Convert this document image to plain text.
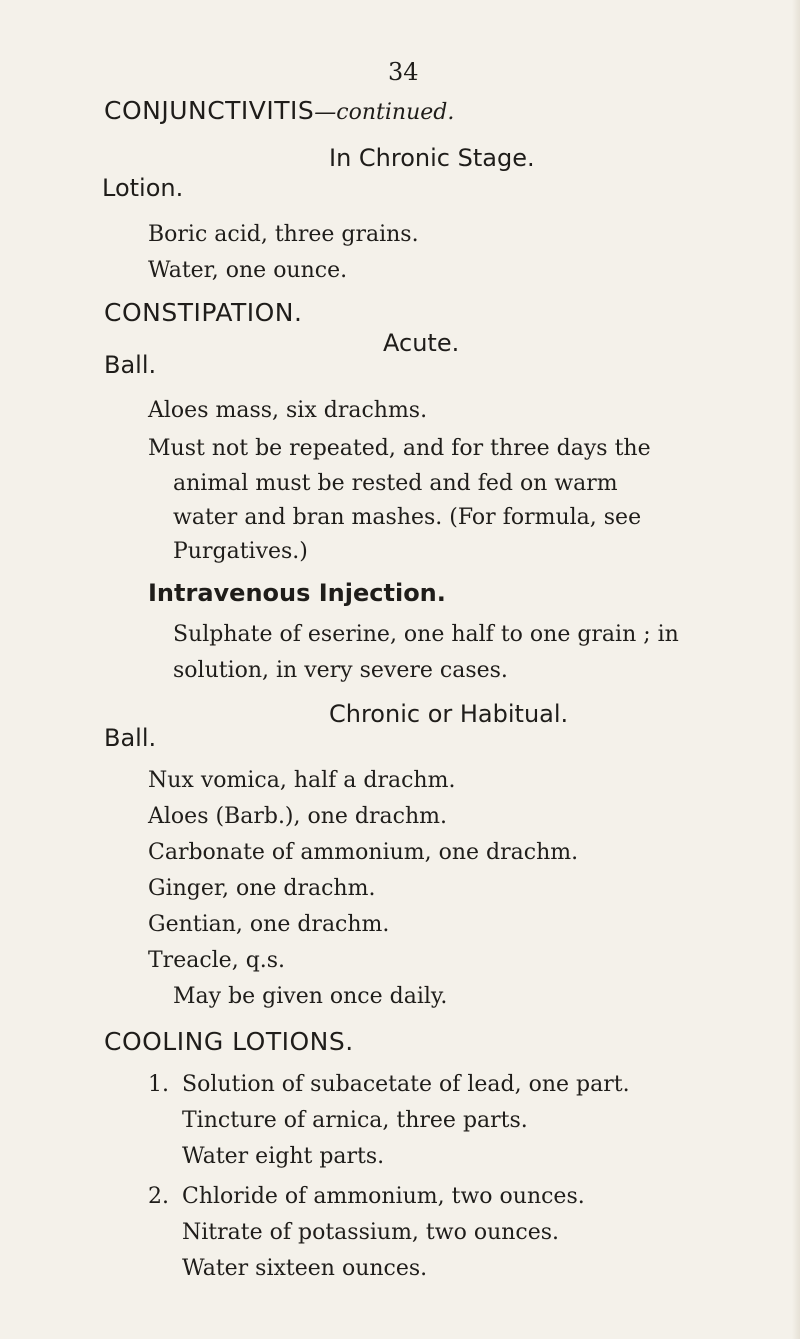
34
CONJUNCTIVITIS—continued.
In Chronic Stage.
Lotion.
Boric acid, three grains.
Water, one ounce.
CONSTIPATION.
Acute.
Ball.
Aloes mass, six drachms.
Must not be repeated, and for three days the
animal must be rested and fed on warm
water and bran mashes. (For formula, see
Purgatives.)
Intravenous Injection.
Sulphate of eserine, one half to one grain ; in
solution, in very severe cases.
Chronic or Habitual.
Ball.
Nux vomica, half a drachm.
Aloes (Barb.), one drachm.
Carbonate of ammonium, one drachm.
Ginger, one drachm.
Gentian, one drachm.
Treacle, q.s.
May be given once daily.
COOLING LOTIONS.
1. Solution of subacetate of lead, one part.
Tincture of arnica, three parts.
Water eight parts.
2. Chloride of ammonium, two ounces.
Nitrate of potassium, two ounces.
Water sixteen ounces.
